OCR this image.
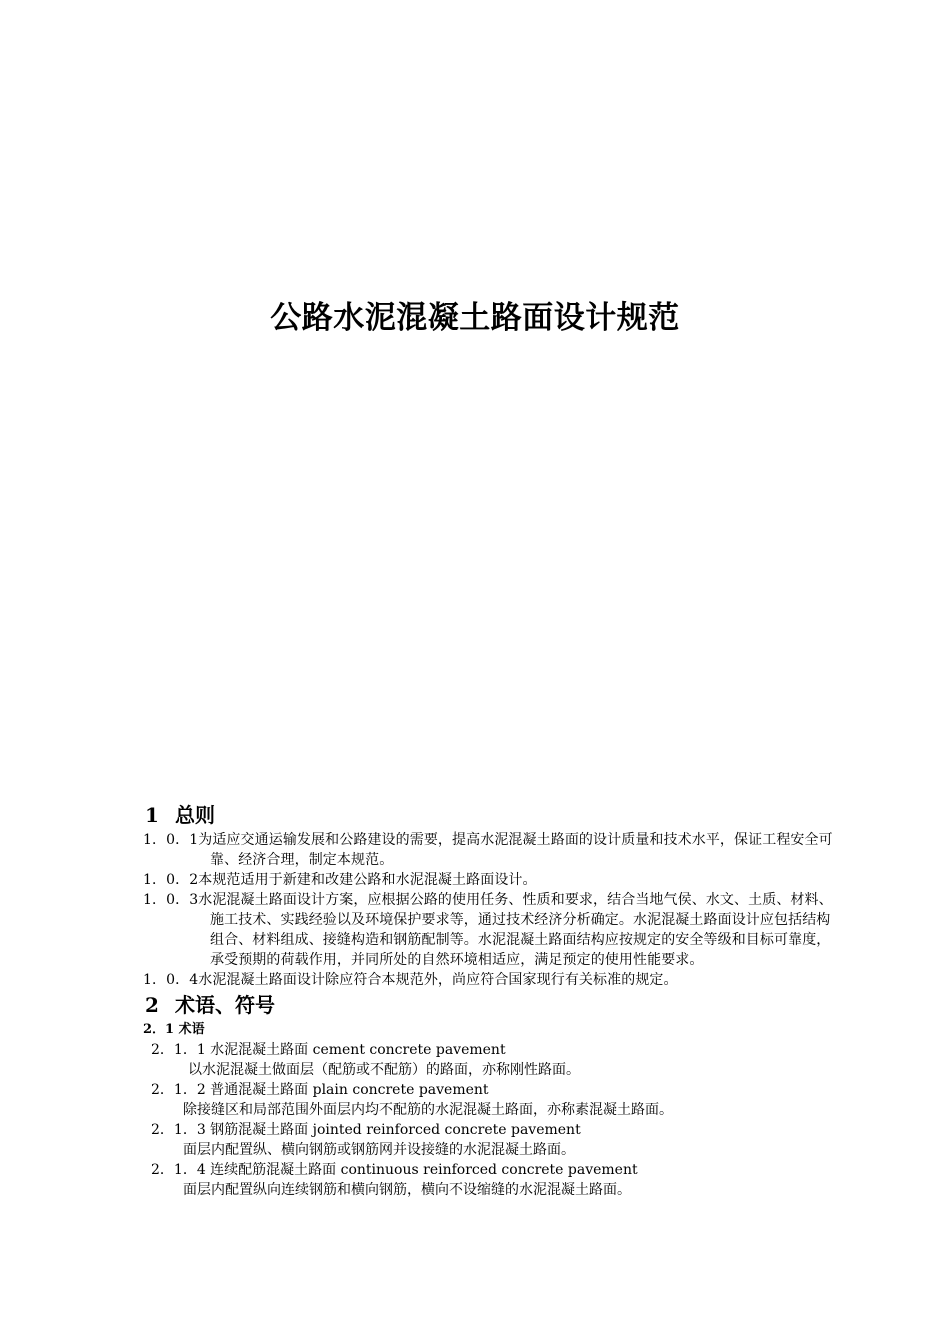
公路水泥混凝土路面设计规范

1 总则

1．0．1为适应交通运输发展和公路建设的需要，提高水泥混凝土路面的设计质量和技术水平，保证工程安全可靠、经济合理，制定本规范。

1．0．2本规范适用于新建和改建公路和水泥混凝土路面设计。

1．0．3水泥混凝土路面设计方案，应根据公路的使用任务、性质和要求，结合当地气侯、水文、土质、材料、施工技术、实践经验以及环境保护要求等，通过技术经济分析确定。水泥混凝土路面设计应包括结构组合、材料组成、接缝构造和钢筋配制等。水泥混凝土路面结构应按规定的安全等级和目标可靠度，承受预期的荷载作用，并同所处的自然环境相适应，满足预定的使用性能要求。

1．0．4水泥混凝土路面设计除应符合本规范外，尚应符合国家现行有关标准的规定。

2 术语、符号

2．1 术语

2．1．1 水泥混凝土路面 cement concrete pavement

以水泥混凝土做面层（配筋或不配筋）的路面，亦称刚性路面。

2．1．2 普通混凝土路面 plain concrete pavement

除接缝区和局部范围外面层内均不配筋的水泥混凝土路面，亦称素混凝土路面。

2．1．3 钢筋混凝土路面 jointed reinforced concrete pavement

面层内配置纵、横向钢筋或钢筋网并设接缝的水泥混凝土路面。

2．1．4 连续配筋混凝土路面 continuous reinforced concrete pavement

面层内配置纵向连续钢筋和横向钢筋，横向不设缩缝的水泥混凝土路面。
